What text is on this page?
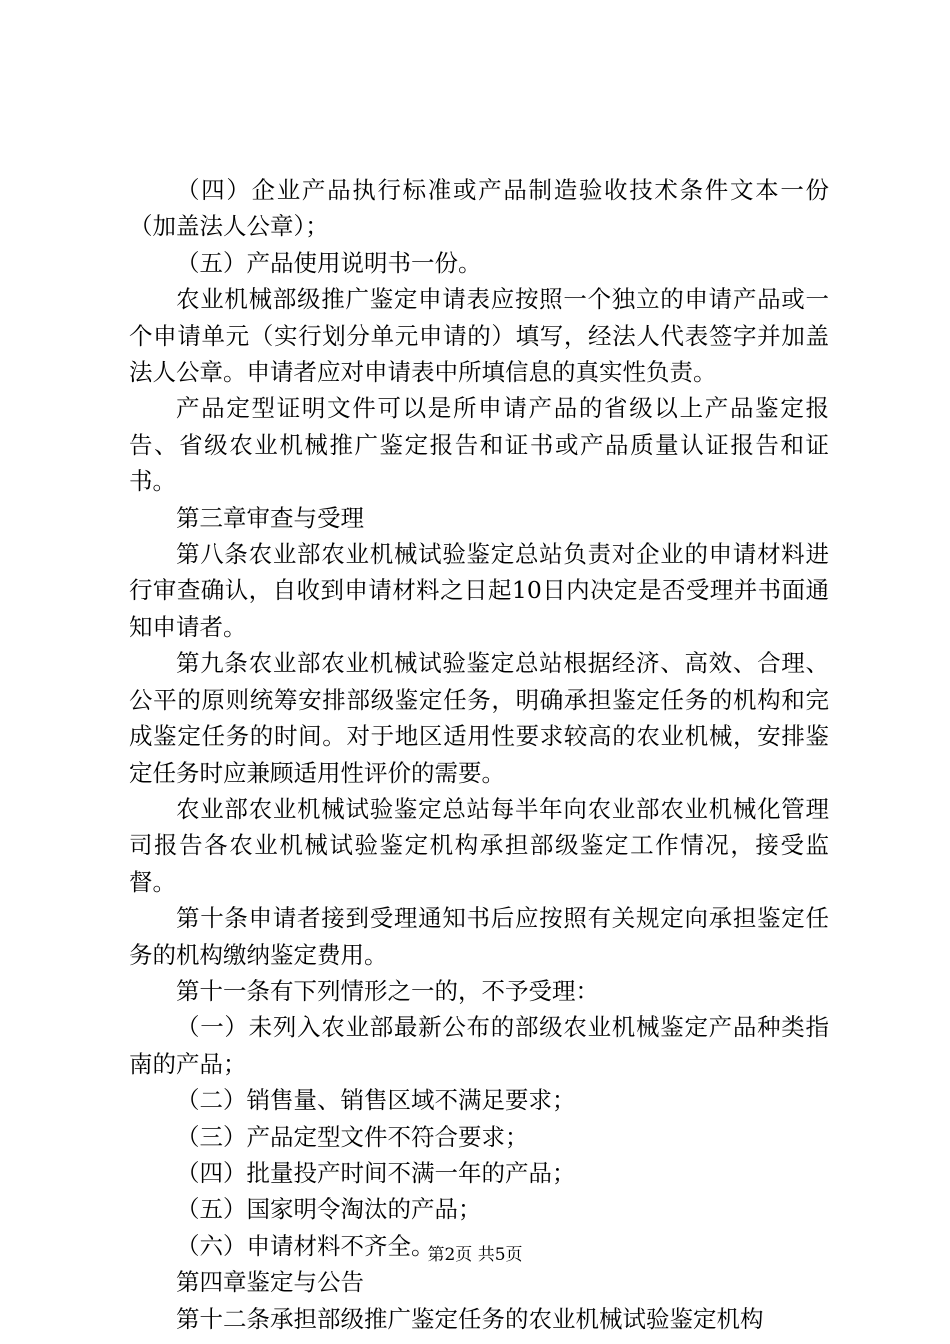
（四）企业产品执行标准或产品制造验收技术条件文本一份（加盖法人公章）；

（五）产品使用说明书一份。

农业机械部级推广鉴定申请表应按照一个独立的申请产品或一个申请单元（实行划分单元申请的）填写，经法人代表签字并加盖法人公章。申请者应对申请表中所填信息的真实性负责。

产品定型证明文件可以是所申请产品的省级以上产品鉴定报告、省级农业机械推广鉴定报告和证书或产品质量认证报告和证书。

第三章审查与受理

第八条农业部农业机械试验鉴定总站负责对企业的申请材料进行审查确认，自收到申请材料之日起10日内决定是否受理并书面通知申请者。

第九条农业部农业机械试验鉴定总站根据经济、高效、合理、公平的原则统筹安排部级鉴定任务，明确承担鉴定任务的机构和完成鉴定任务的时间。对于地区适用性要求较高的农业机械，安排鉴定任务时应兼顾适用性评价的需要。

农业部农业机械试验鉴定总站每半年向农业部农业机械化管理司报告各农业机械试验鉴定机构承担部级鉴定工作情况，接受监督。

第十条申请者接到受理通知书后应按照有关规定向承担鉴定任务的机构缴纳鉴定费用。

第十一条有下列情形之一的，不予受理：

（一）未列入农业部最新公布的部级农业机械鉴定产品种类指南的产品；

（二）销售量、销售区域不满足要求；

（三）产品定型文件不符合要求；

（四）批量投产时间不满一年的产品；

（五）国家明令淘汰的产品；

（六）申请材料不齐全。

第四章鉴定与公告

第十二条承担部级推广鉴定任务的农业机械试验鉴定机构

第2页 共5页
